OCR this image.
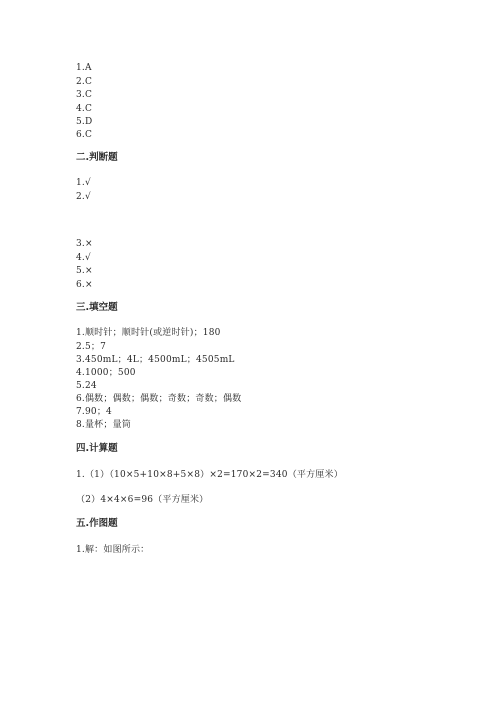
1.A
2.C
3.C
4.C
5.D
6.C
二.判断题
1.√
2.√
3.×
4.√
5.×
6.×
三.填空题
1.顺时针；顺时针(或逆时针)；180
2.5；7
3.450mL；4L；4500mL；4505mL
4.1000；500
5.24
6.偶数；偶数；偶数；奇数；奇数；偶数
7.90；4
8.量杯；量筒
四.计算题
1.（1）（10×5+10×8+5×8）×2=170×2=340（平方厘米）
（2）4×4×6=96（平方厘米）
五.作图题
1.解：如图所示：
